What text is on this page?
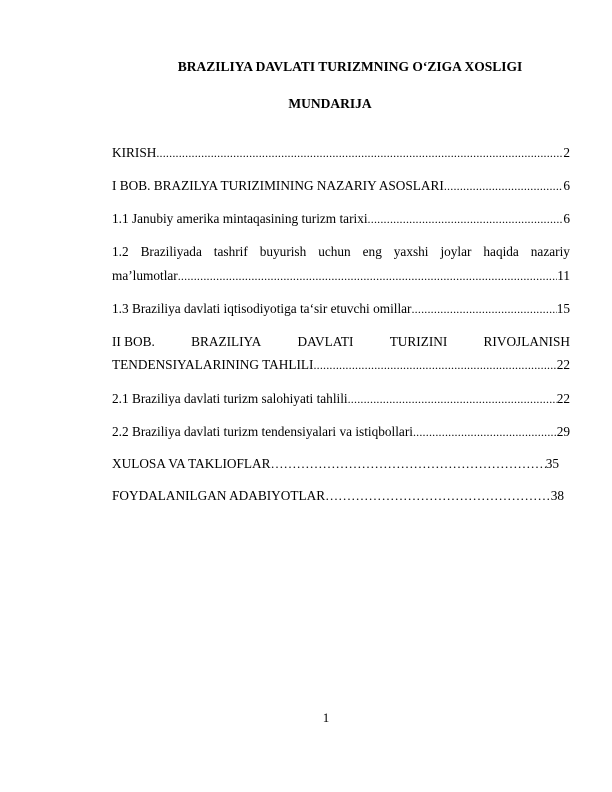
BRAZILIYA DAVLATI TURIZMNING O‘ZIGA XOSLIGI
MUNDARIJA
KIRISH .....	2
I BOB. BRAZILYA TURIZIMINING NAZARIY ASOSLARI .....	6
1.1 Janubiy amerika mintaqasining turizm tarixi .....	6
1.2 Braziliyada tashrif buyurish uchun eng yaxshi joylar haqida nazariy
ma’lumotlar .....	11
1.3 Braziliya davlati iqtisodiyotiga ta‘sir etuvchi omillar .....	15
II BOB.	BRAZILIYA	DAVLATI	TURIZINI	RIVOJLANISH
TENDENSIYALARINING TAHLILI .....	22
2.1 Braziliya davlati turizm salohiyati tahlili .....	22
2.2 Braziliya davlati turizm tendensiyalari va istiqbollari .....	29
XULOSA VA TAKLIOFLAR …………………………………………………………………………………………………………	35
FOYDALANILGAN ADABIYOTLAR …………………………………………………………………………………………………………	38
1
